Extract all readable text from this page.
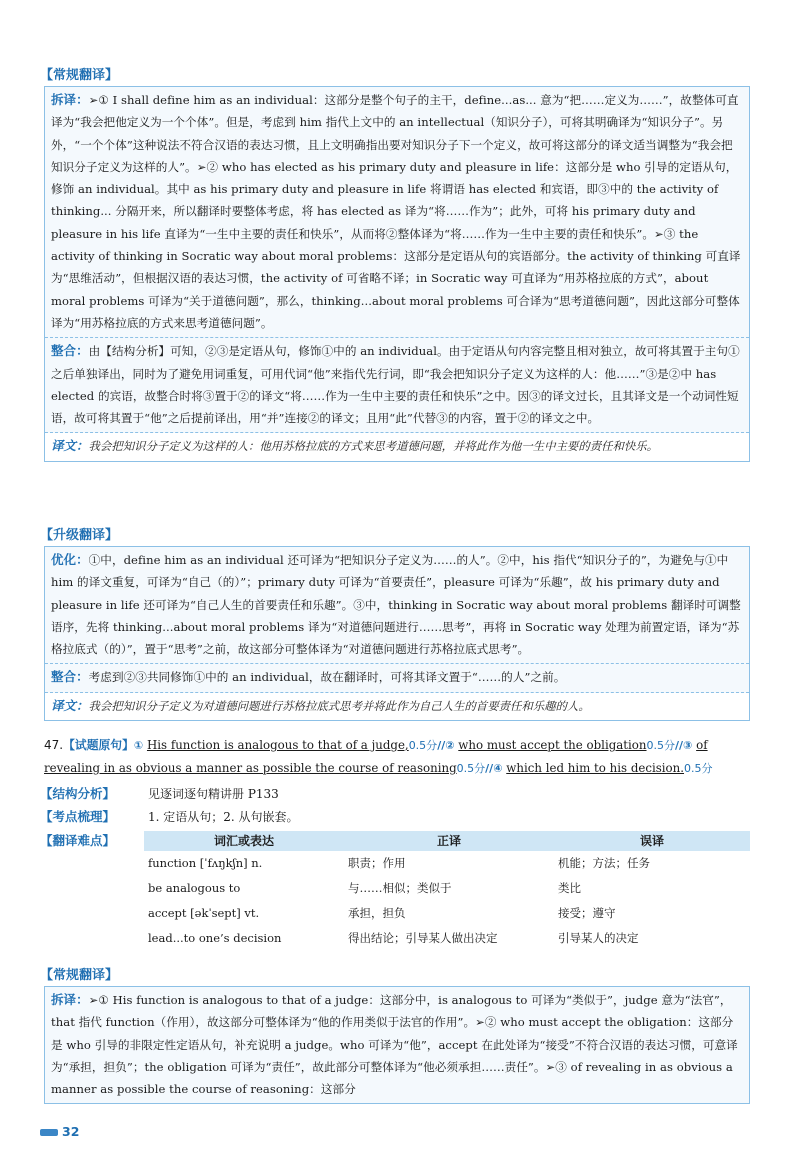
【常规翻译】
拆译：➢① I shall define him as an individual：这部分是整个句子的主干，define...as... 意为“把……定义为……”，故整体可直译为“我会把他定义为一个个体”。但是，考虑到 him 指代上文中的 an intellectual（知识分子），可将其明确译为“知识分子”。另外，“一个个体”这种说法不符合汉语的表达习惯，且上文明确指出要对知识分子下一个定义，故可将这部分的译文适当调整为“我会把知识分子定义为这样的人”。➢② who has elected as his primary duty and pleasure in life：这部分是 who 引导的定语从句，修饰 an individual。其中 as his primary duty and pleasure in life 将谓语 has elected 和宾语，即③中的 the activity of thinking... 分隔开来，所以翻译时要整体考虑，将 has elected as 译为“将……作为”；此外，可将 his primary duty and pleasure in his life 直译为“一生中主要的责任和快乐”，从而将②整体译为“将……作为一生中主要的责任和快乐”。➢③ the activity of thinking in Socratic way about moral problems：这部分是定语从句的宾语部分。the activity of thinking 可直译为“思维活动”，但根据汉语的表达习惯，the activity of 可省略不译；in Socratic way 可直译为“用苏格拉底的方式”，about moral problems 可译为“关于道德问题”，那么，thinking...about moral problems 可合译为“思考道德问题”，因此这部分可整体译为“用苏格拉底的方式来思考道德问题”。
整合：由【结构分析】可知，②③是定语从句，修饰①中的 an individual。由于定语从句内容完整且相对独立，故可将其置于主句①之后单独译出，同时为了避免用词重复，可用代词“他”来指代先行词，即“我会把知识分子定义为这样的人：他……”③是②中 has elected 的宾语，故整合时将③置于②的译文“将……作为一生中主要的责任和快乐”之中。因③的译文过长，且其译文是一个动词性短语，故可将其置于“他”之后提前译出，用“并”连接②的译文；且用“此”代替③的内容，置于②的译文之中。
译文：我会把知识分子定义为这样的人：他用苏格拉底的方式来思考道德问题，并将此作为他一生中主要的责任和快乐。
【升级翻译】
优化：①中，define him as an individual 还可译为“把知识分子定义为……的人”。②中，his 指代“知识分子的”，为避免与①中 him 的译文重复，可译为“自己（的）”；primary duty 可译为“首要责任”，pleasure 可译为“乐趣”，故 his primary duty and pleasure in life 还可译为“自己人生的首要责任和乐趣”。③中，thinking in Socratic way about moral problems 翻译时可调整语序，先将 thinking...about moral problems 译为“对道德问题进行……思考”，再将 in Socratic way 处理为前置定语，译为“苏格拉底式（的）”，置于“思考”之前，故这部分可整体译为“对道德问题进行苏格拉底式思考”。
整合：考虑到②③共同修饰①中的 an individual，故在翻译时，可将其译文置于“……的人”之前。
译文：我会把知识分子定义为对道德问题进行苏格拉底式思考并将此作为自己人生的首要责任和乐趣的人。
47.【试题原句】① His function is analogous to that of a judge,0.5分//② who must accept the obligation0.5分//③ of revealing in as obvious a manner as possible the course of reasoning0.5分//④ which led him to his decision.0.5分
【结构分析】	见逐词逐句精讲册 P133
【考点梳理】	1. 定语从句；2. 从句嵌套。
【翻译难点】	词汇或表达	正译	误译
function [ˈfʌŋkʃn] n.	职责；作用	机能；方法；任务
be analogous to	与……相似；类似于	类比
accept [əkˈsept] vt.	承担，担负	接受；遵守
lead...to one’s decision	得出结论；引导某人做出决定	引导某人的决定
【常规翻译】
拆译：➢① His function is analogous to that of a judge：这部分中，is analogous to 可译为“类似于”，judge 意为“法官”，that 指代 function（作用），故这部分可整体译为“他的作用类似于法官的作用”。➢② who must accept the obligation：这部分是 who 引导的非限定性定语从句，补充说明 a judge。who 可译为“他”，accept 在此处译为“接受”不符合汉语的表达习惯，可意译为“承担，担负”；the obligation 可译为“责任”，故此部分可整体译为“他必须承担……责任”。➢③ of revealing in as obvious a manner as possible the course of reasoning：这部分
32
